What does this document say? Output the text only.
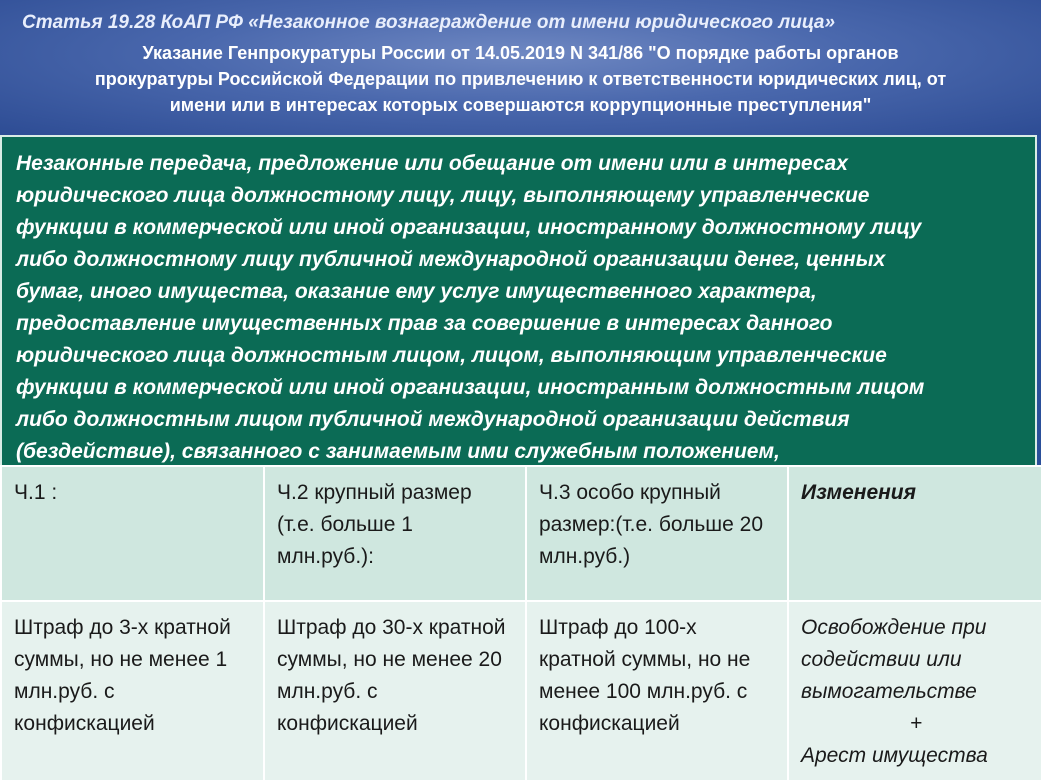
Статья 19.28 КоАП РФ «Незаконное вознаграждение от имени юридического лица»
Указание Генпрокуратуры России от 14.05.2019 N 341/86 "О порядке работы органов
прокуратуры Российской Федерации по привлечению к ответственности юридических лиц, от
имени или в интересах которых совершаются коррупционные преступления"

Незаконные передача, предложение или обещание от имени или в интересах
юридического лица должностному лицу, лицу, выполняющему управленческие
функции в коммерческой или иной организации, иностранному должностному лицу
либо должностному лицу публичной международной организации денег, ценных
бумаг, иного имущества, оказание ему услуг имущественного характера,
предоставление имущественных прав за совершение в интересах данного
юридического лица должностным лицом, лицом, выполняющим управленческие
функции в коммерческой или иной организации, иностранным должностным лицом
либо должностным лицом публичной международной организации действия
(бездействие), связанного с занимаемым ими служебным положением,

Ч.1 :	Ч.2 крупный размер (т.е. больше 1 млн.руб.):	Ч.3 особо крупный размер:(т.е. больше 20 млн.руб.)	Изменения
Штраф до 3-х кратной суммы, но не менее 1 млн.руб. с конфискацией	Штраф до 30-х кратной суммы, но не менее 20 млн.руб. с конфискацией	Штраф до 100-х кратной суммы, но не менее 100 млн.руб. с конфискацией	Освобождение при содействии или вымогательстве
+
Арест имущества
